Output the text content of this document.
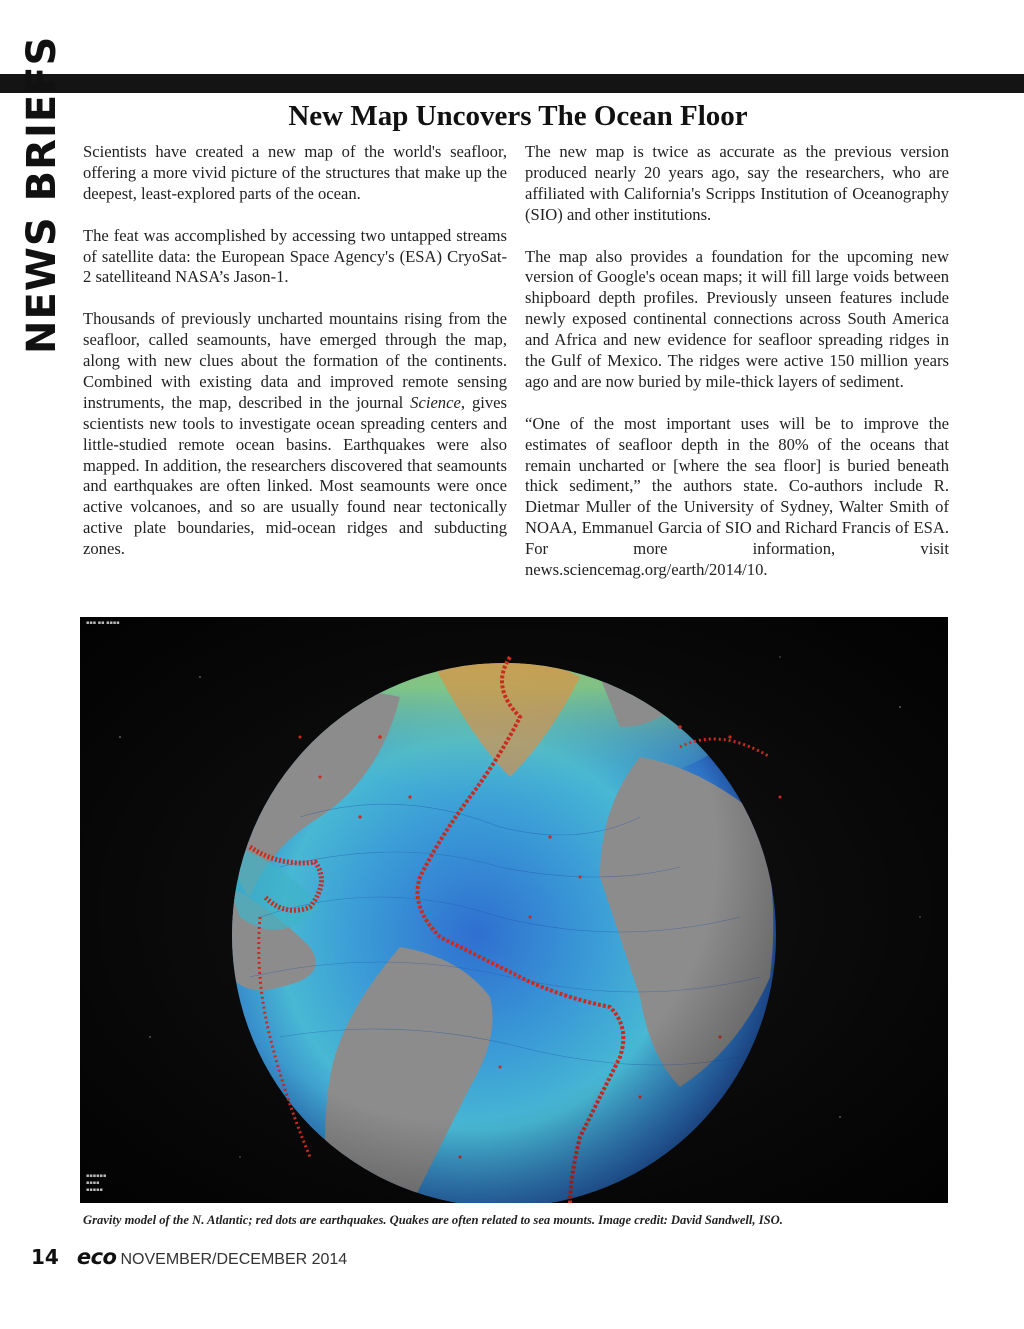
NEWS BRIEFS	New Map Uncovers The Ocean Floor

Scientists have created a new map of the world's seafloor, offering a more vivid picture of the structures that make up the deepest, least-explored parts of the ocean.

The feat was accomplished by accessing two untapped streams of satellite data: the European Space Agency's (ESA) CryoSat-2 satelliteand NASA’s Jason-1.

Thousands of previously uncharted mountains rising from the seafloor, called seamounts, have emerged through the map, along with new clues about the formation of the continents. Combined with existing data and improved remote sensing instruments, the map, described in the journal Science, gives scientists new tools to investigate ocean spreading centers and little-studied remote ocean basins. Earthquakes were also mapped. In addition, the researchers discovered that seamounts and earthquakes are often linked. Most seamounts were once active volcanoes, and so are usually found near tectonically active plate boundaries, mid-ocean ridges and subducting zones.

The new map is twice as accurate as the previous version produced nearly 20 years ago, say the researchers, who are affiliated with California's Scripps Institution of Oceanography (SIO) and other institutions.

The map also provides a foundation for the upcoming new version of Google's ocean maps; it will fill large voids between shipboard depth profiles. Previously unseen features include newly exposed continental connections across South America and Africa and new evidence for seafloor spreading ridges in the Gulf of Mexico. The ridges were active 150 million years ago and are now buried by mile-thick layers of sediment.

“One of the most important uses will be to improve the estimates of seafloor depth in the 80% of the oceans that remain uncharted or [where the sea floor] is buried beneath thick sediment,” the authors state. Co-authors include R. Dietmar Muller of the University of Sydney, Walter Smith of NOAA, Emmanuel Garcia of SIO and Richard Francis of ESA. For more information, visit news.sciencemag.org/earth/2014/10.

▪▪▪ ▪▪ ▪▪▪▪
▪▪▪▪▪▪
▪▪▪▪
▪▪▪▪▪
Gravity model of the N. Atlantic; red dots are earthquakes. Quakes are often related to sea mounts. Image credit: David Sandwell, ISO.
14 eco NOVEMBER/DECEMBER 2014
